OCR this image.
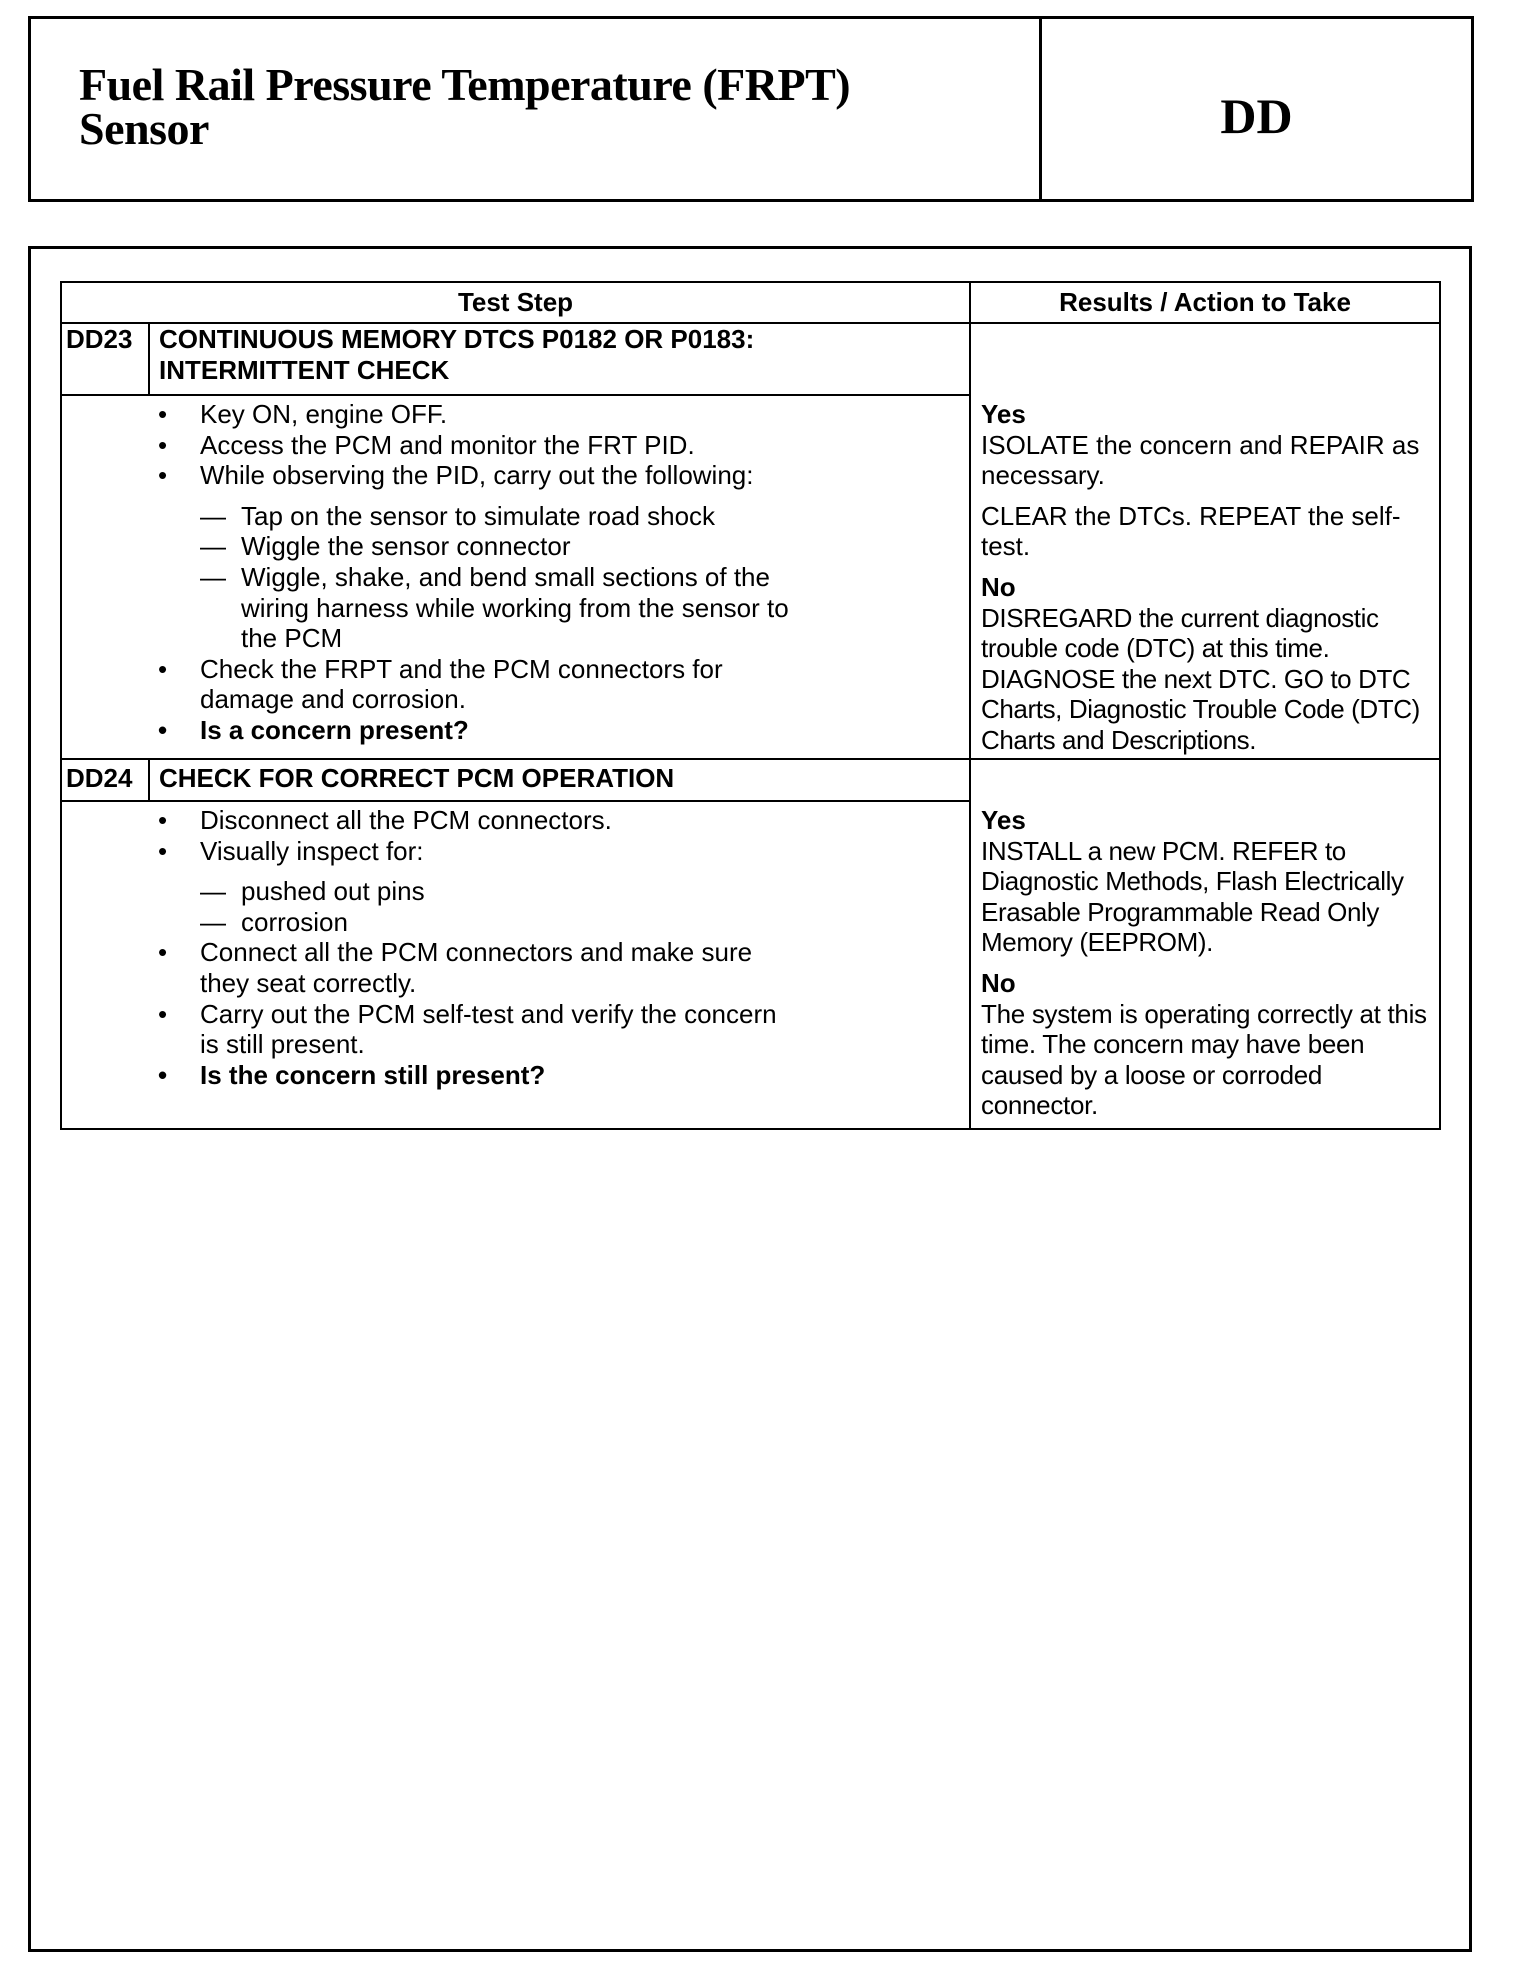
Fuel Rail Pressure Temperature (FRPT)
Sensor	DD
Test Step	Results / Action to Take
DD23 CONTINUOUS MEMORY DTCS P0182 OR P0183:
INTERMITTENT CHECK
• Key ON, engine OFF.
• Access the PCM and monitor the FRT PID.
• While observing the PID, carry out the following:
— Tap on the sensor to simulate road shock
— Wiggle the sensor connector
— Wiggle, shake, and bend small sections of the wiring harness while working from the sensor to the PCM
• Check the FRPT and the PCM connectors for damage and corrosion.
• Is a concern present?

Yes

ISOLATE the concern and REPAIR as necessary.

CLEAR the DTCs. REPEAT the self-test.

No

DISREGARD the current diagnostic trouble code (DTC) at this time. DIAGNOSE the next DTC. GO to DTC Charts, Diagnostic Trouble Code (DTC) Charts and Descriptions.

DD24 CHECK FOR CORRECT PCM OPERATION
• Disconnect all the PCM connectors.
• Visually inspect for:
— pushed out pins
— corrosion
• Connect all the PCM connectors and make sure they seat correctly.
• Carry out the PCM self-test and verify the concern is still present.
• Is the concern still present?

Yes

INSTALL a new PCM. REFER to Diagnostic Methods, Flash Electrically Erasable Programmable Read Only Memory (EEPROM).

No

The system is operating correctly at this time. The concern may have been caused by a loose or corroded connector.
